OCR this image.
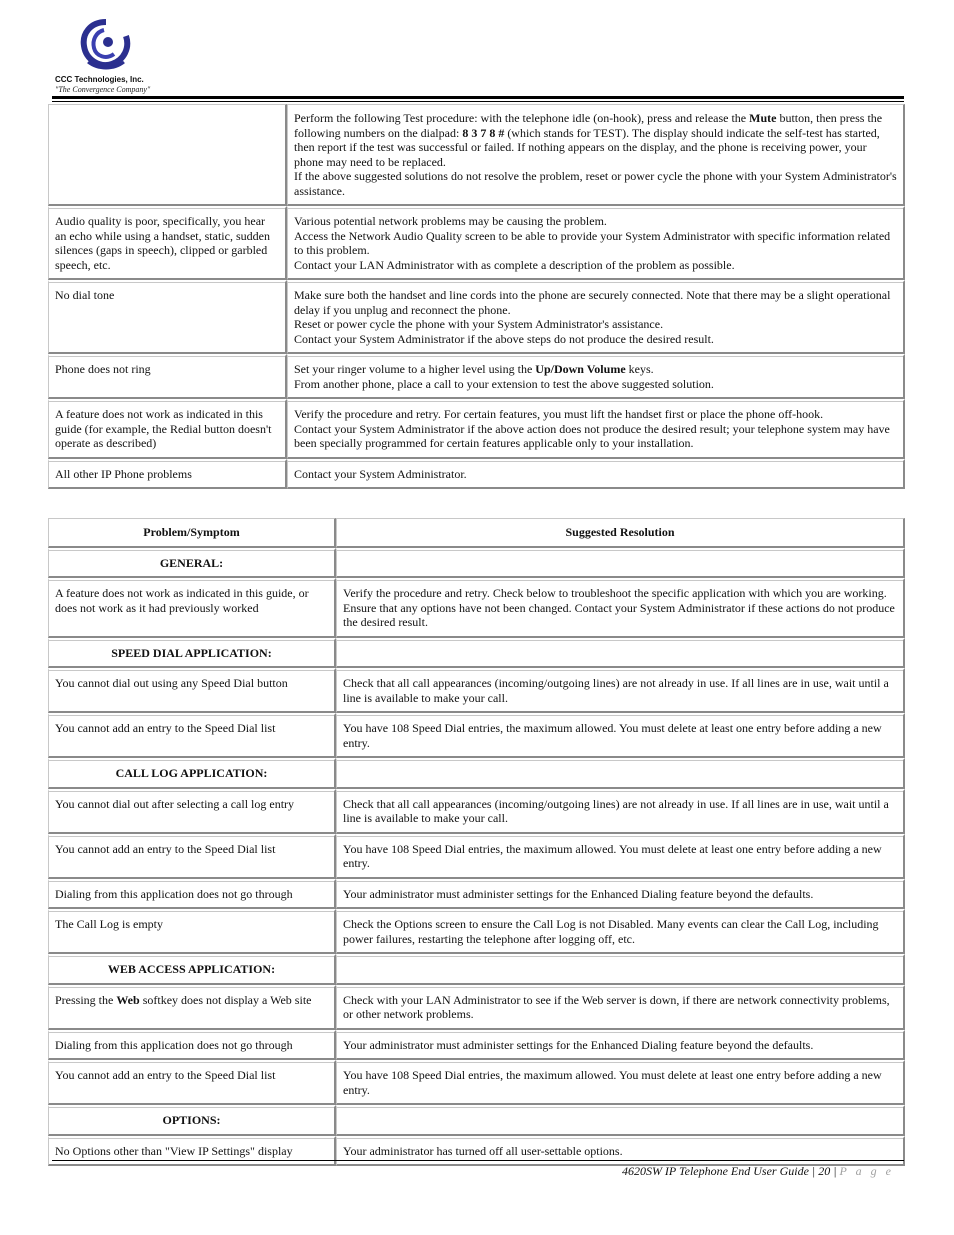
CCC Technologies, Inc.
"The Convergence Company"
	Perform the following Test procedure: with the telephone idle (on-hook), press and release the Mute button, then press the following numbers on the dialpad: 8 3 7 8 # (which stands for TEST). The display should indicate the self-test has started, then report if the test was successful or failed. If nothing appears on the display, and the phone is receiving power, your phone may need to be replaced.
If the above suggested solutions do not resolve the problem, reset or power cycle the phone with your System Administrator's assistance.
Audio quality is poor, specifically, you hear an echo while using a handset, static, sudden silences (gaps in speech), clipped or garbled speech, etc.	Various potential network problems may be causing the problem.
Access the Network Audio Quality screen to be able to provide your System Administrator with specific information related to this problem.
Contact your LAN Administrator with as complete a description of the problem as possible.
No dial tone	Make sure both the handset and line cords into the phone are securely connected. Note that there may be a slight operational delay if you unplug and reconnect the phone.
Reset or power cycle the phone with your System Administrator's assistance.
Contact your System Administrator if the above steps do not produce the desired result.
Phone does not ring	Set your ringer volume to a higher level using the Up/Down Volume keys.
From another phone, place a call to your extension to test the above suggested solution.
A feature does not work as indicated in this guide (for example, the Redial button doesn't operate as described)	Verify the procedure and retry. For certain features, you must lift the handset first or place the phone off-hook.
Contact your System Administrator if the above action does not produce the desired result; your telephone system may have been specially programmed for certain features applicable only to your installation.
All other IP Phone problems	Contact your System Administrator.
Problem/Symptom	Suggested Resolution
GENERAL:	
A feature does not work as indicated in this guide, or does not work as it had previously worked	Verify the procedure and retry. Check below to troubleshoot the specific application with which you are working. Ensure that any options have not been changed. Contact your System Administrator if these actions do not produce the desired result.
SPEED DIAL APPLICATION:	
You cannot dial out using any Speed Dial button	Check that all call appearances (incoming/outgoing lines) are not already in use. If all lines are in use, wait until a line is available to make your call.
You cannot add an entry to the Speed Dial list	You have 108 Speed Dial entries, the maximum allowed. You must delete at least one entry before adding a new entry.
CALL LOG APPLICATION:	
You cannot dial out after selecting a call log entry	Check that all call appearances (incoming/outgoing lines) are not already in use. If all lines are in use, wait until a line is available to make your call.
You cannot add an entry to the Speed Dial list	You have 108 Speed Dial entries, the maximum allowed. You must delete at least one entry before adding a new entry.
Dialing from this application does not go through	Your administrator must administer settings for the Enhanced Dialing feature beyond the defaults.
The Call Log is empty	Check the Options screen to ensure the Call Log is not Disabled. Many events can clear the Call Log, including power failures, restarting the telephone after logging off, etc.
WEB ACCESS APPLICATION:	
Pressing the Web softkey does not display a Web site	Check with your LAN Administrator to see if the Web server is down, if there are network connectivity problems, or other network problems.
Dialing from this application does not go through	Your administrator must administer settings for the Enhanced Dialing feature beyond the defaults.
You cannot add an entry to the Speed Dial list	You have 108 Speed Dial entries, the maximum allowed. You must delete at least one entry before adding a new entry.
OPTIONS:	
No Options other than "View IP Settings" display	Your administrator has turned off all user-settable options.
4620SW IP Telephone End User Guide | 20 | P a g e
